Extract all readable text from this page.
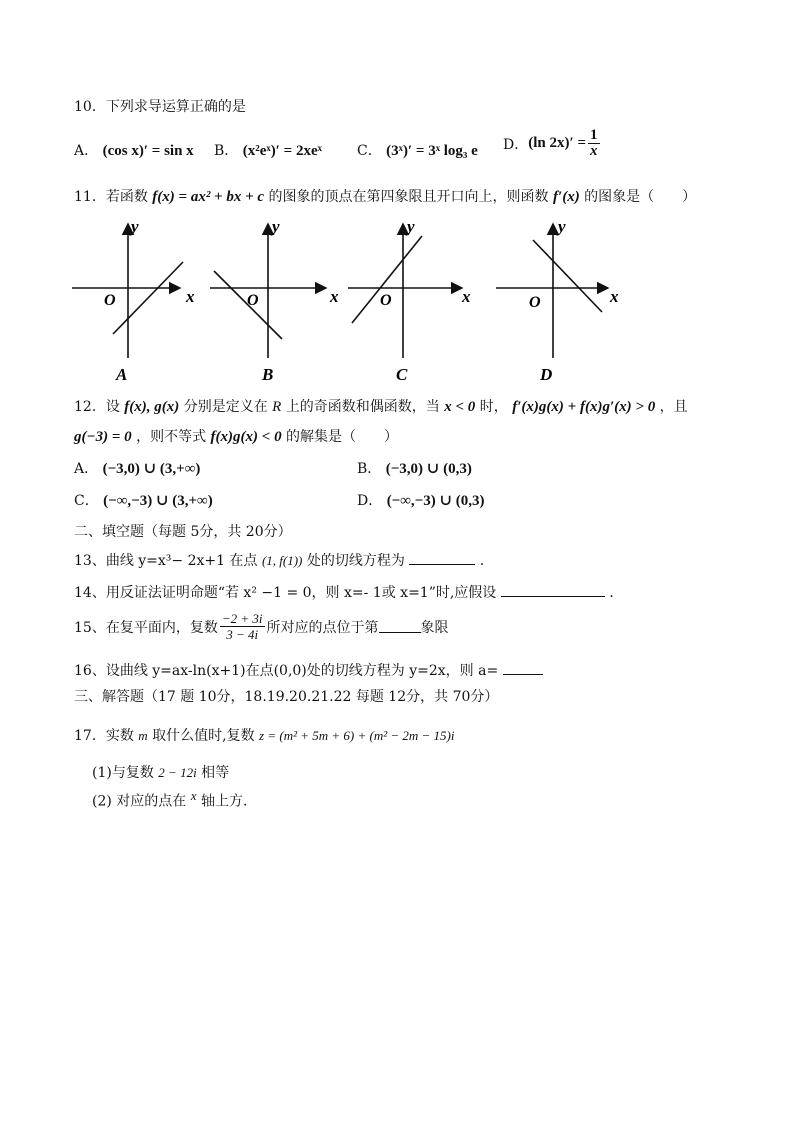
10．下列求导运算正确的是
A． (cos x)′ = sin x B． (x²eˣ)′ = 2xeˣ	C． (3ˣ)′ = 3ˣ log₃ e D． (ln $2x)' = \frac{1}{x}$
11．若函数 f(x) = ax² + bx + c 的图象的顶点在第四象限且开口向上，则函数 f′(x) 的图象是（　　）
y
x
O
A
y
x
O
B
y
x
O
C
y
x
O
D
12．设 f(x), g(x) 分别是定义在 R 上的奇函数和偶函数，当 x < 0 时， f′(x)g(x) + f(x)g′(x) > 0 ，且
g(−3) = 0 ，则不等式 f(x)g(x) < 0 的解集是（　　）
A． (−3,0) ∪ (3,+∞)	B． (−3,0) ∪ (0,3)
C． (−∞,−3) ∪ (3,+∞)	D． (−∞,−3) ∪ (0,3)
二、填空题（每题 5分，共 20分）
13、曲线 y=x³− 2x+1 在点 (1, f(1)) 处的切线方程为	.
14、用反证法证明命题“若 x² −1 = 0，则 x=- 1或 x=1”时,应假设	.
15、在复平面内，复数 $\frac{-2 + 3i}{3 - 4i}$ 所对应的点位于第	象限
16、设曲线 y=ax-ln(x+1)在点(0,0)处的切线方程为 y=2x，则 a=
三、解答题（17 题 10分，18.19.20.21.22 每题 12分，共 70分）
17．实数 m 取什么值时,复数 z = (m² + 5m + 6) + (m² − 2m − 15)i
(1)与复数 2 − 12i 相等
(2) 对应的点在 $^x$ 轴上方.
